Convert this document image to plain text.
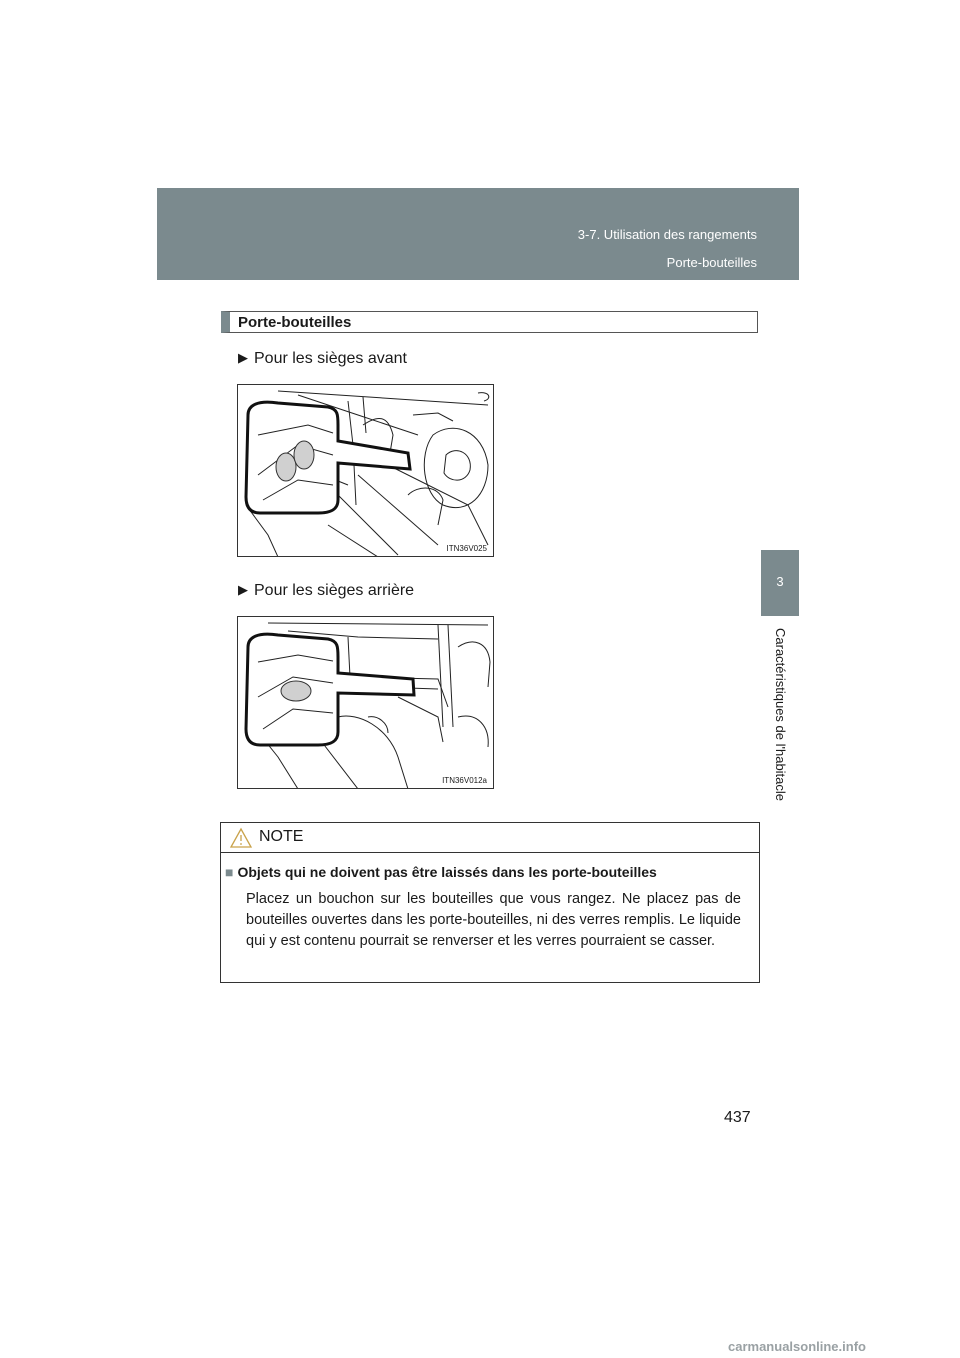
3-7. Utilisation des rangements
Porte-bouteilles
3
Caractéristiques de l'habitacle
Porte-bouteilles
▶ Pour les sièges avant
ITN36V025
▶ Pour les sièges arrière
ITN36V012a
NOTE
■ Objets qui ne doivent pas être laissés dans les porte-bouteilles
Placez un bouchon sur les bouteilles que vous rangez. Ne placez pas de bouteilles ouvertes dans les porte-bouteilles, ni des verres remplis. Le liquide qui y est contenu pourrait se renverser et les verres pourraient se casser.
437
carmanualsonline.info
